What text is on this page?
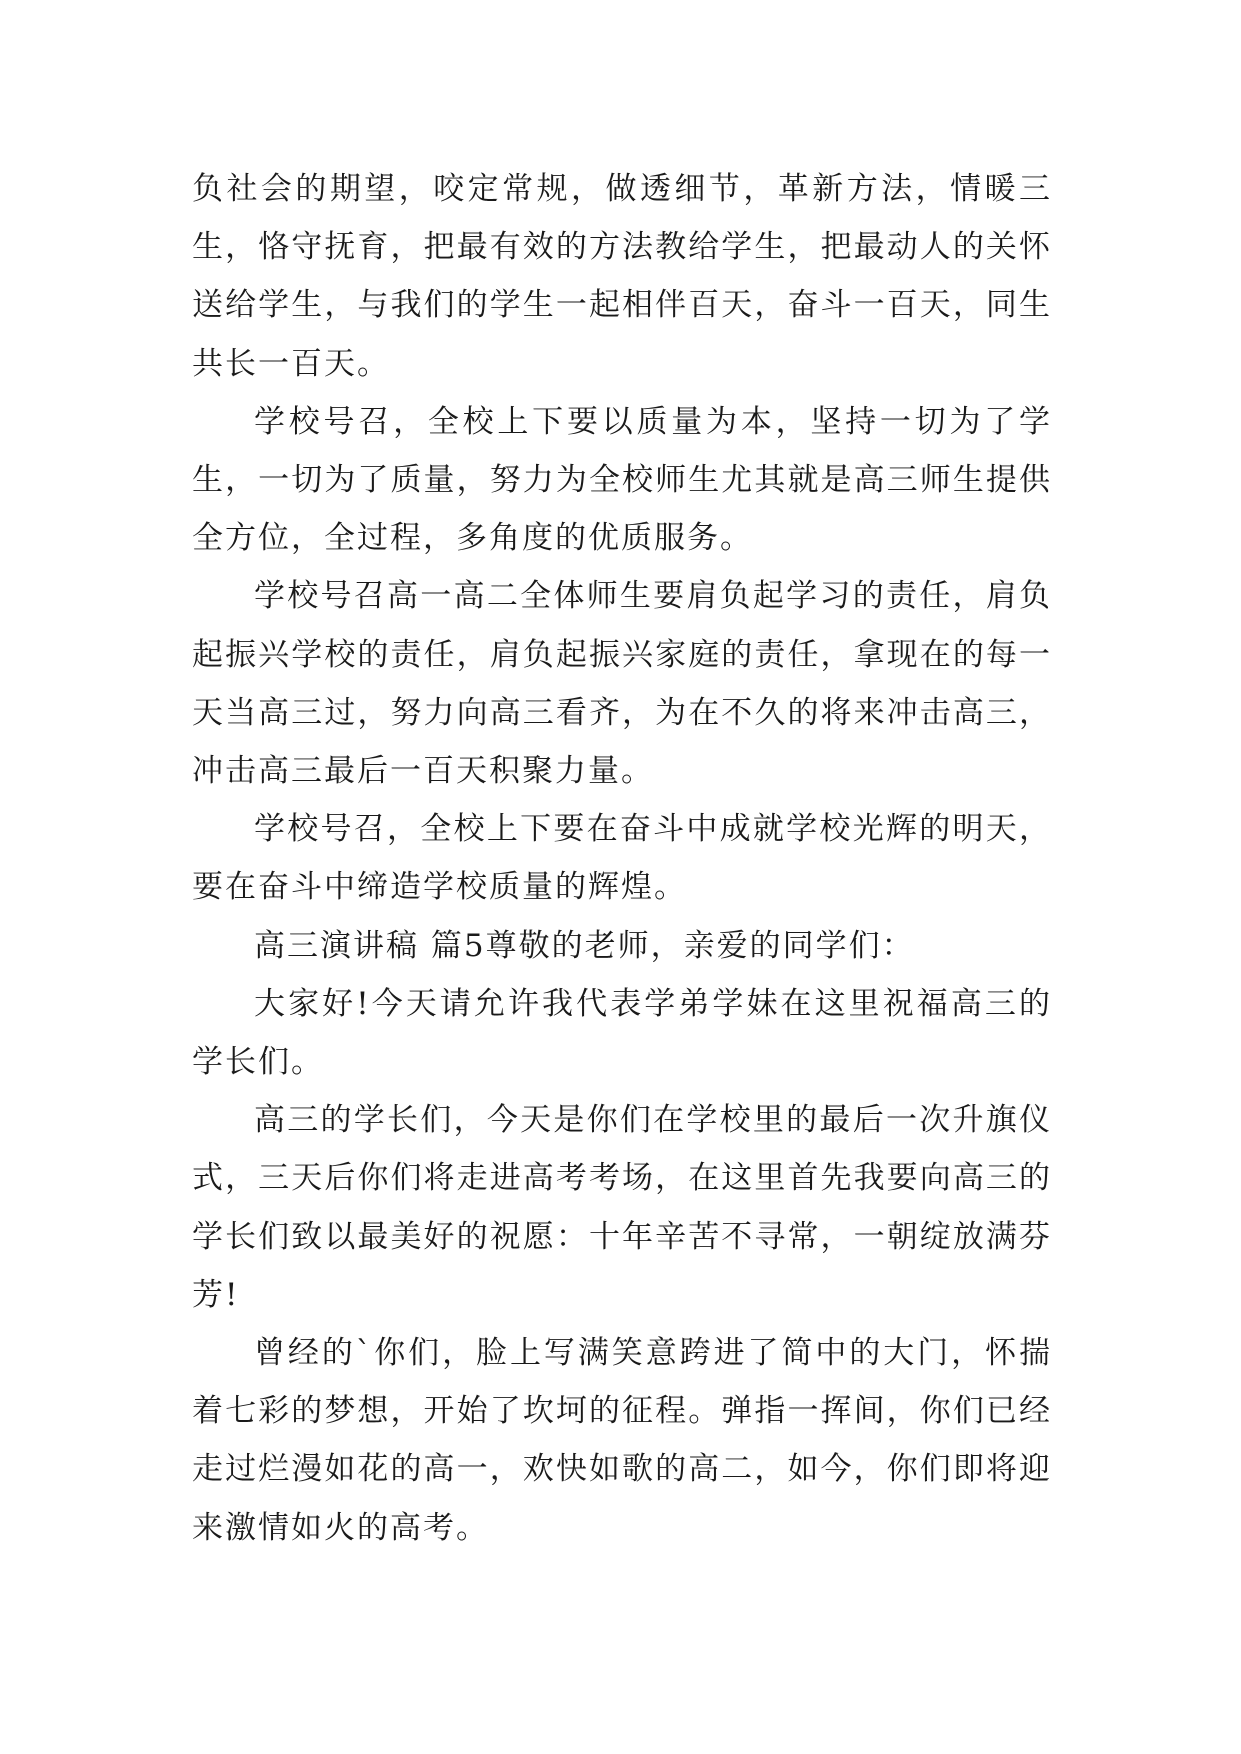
负社会的期望，咬定常规，做透细节，革新方法，情暖三生，恪守抚育，把最有效的方法教给学生，把最动人的关怀送给学生，与我们的学生一起相伴百天，奋斗一百天，同生共长一百天。

学校号召，全校上下要以质量为本，坚持一切为了学生，一切为了质量，努力为全校师生尤其就是高三师生提供全方位，全过程，多角度的优质服务。

学校号召高一高二全体师生要肩负起学习的责任，肩负起振兴学校的责任，肩负起振兴家庭的责任，拿现在的每一天当高三过，努力向高三看齐，为在不久的将来冲击高三，冲击高三最后一百天积聚力量。

学校号召，全校上下要在奋斗中成就学校光辉的明天，要在奋斗中缔造学校质量的辉煌。

高三演讲稿 篇5尊敬的老师，亲爱的同学们：

大家好!今天请允许我代表学弟学妹在这里祝福高三的学长们。

高三的学长们，今天是你们在学校里的最后一次升旗仪式，三天后你们将走进高考考场，在这里首先我要向高三的学长们致以最美好的祝愿：十年辛苦不寻常，一朝绽放满芬芳!

曾经的`你们，脸上写满笑意跨进了简中的大门，怀揣着七彩的梦想，开始了坎坷的征程。弹指一挥间，你们已经走过烂漫如花的高一，欢快如歌的高二，如今，你们即将迎来激情如火的高考。
